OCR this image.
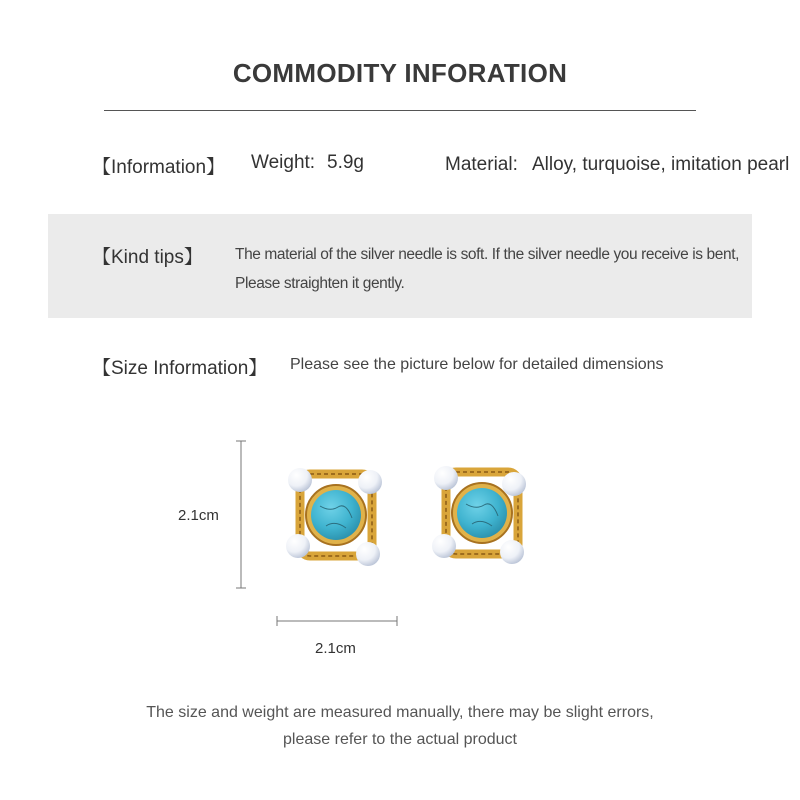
COMMODITY INFORATION
【Information】 Weight: 5.9g	Material: Alloy, turquoise, imitation pearl
【Kind tips】 The material of the silver needle is soft. If the silver needle you receive is bent,
Please straighten it gently.
【Size Information】 Please see the picture below for detailed dimensions
2.1cm
2.1cm
The size and weight are measured manually, there may be slight errors,
please refer to the actual product
